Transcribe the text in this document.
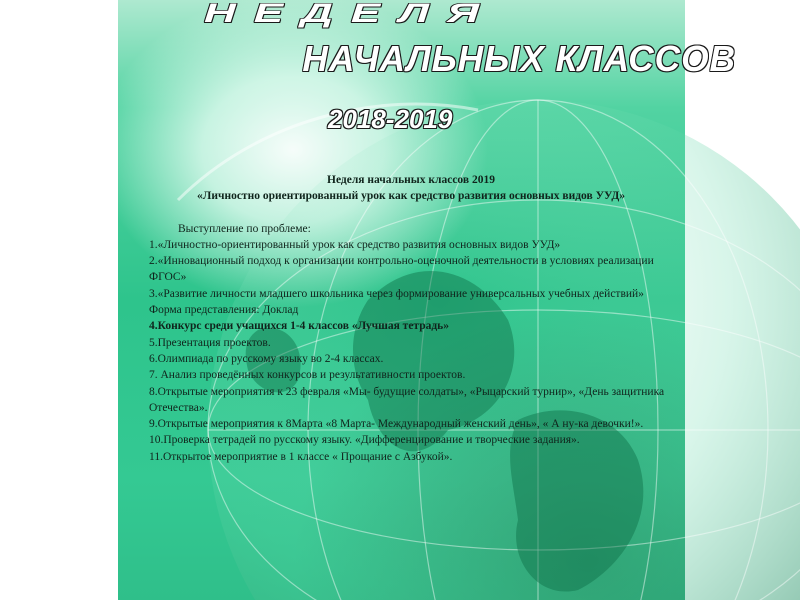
НЕДЕЛЯ
НАЧАЛЬНЫХ КЛАССОВ
2018-2019
Неделя начальных классов 2019
«Личностно ориентированный урок как средство развития основных видов УУД»
Выступление по проблеме:
1.«Личностно-ориентированный урок как средство развития основных видов УУД»
2.«Инновационный подход к организации контрольно-оценочной деятельности в условиях реализации ФГОС»
3.«Развитие личности младшего школьника через формирование универсальных учебных действий»
Форма представления: Доклад
4.Конкурс среди учащихся 1-4 классов «Лучшая тетрадь»
5.Презентация проектов.
6.Олимпиада по русскому языку во 2-4 классах.
7. Анализ проведённых конкурсов и результативности проектов.
8.Открытые мероприятия к 23 февраля «Мы- будущие солдаты», «Рыцарский турнир», «День защитника Отечества».
9.Открытые мероприятия к 8Марта «8 Марта- Международный женский день», « А ну-ка девочки!».
10.Проверка тетрадей по русскому языку. «Дифференцирование и творческие задания».
11.Открытое мероприятие в 1 классе « Прощание с Азбукой».
